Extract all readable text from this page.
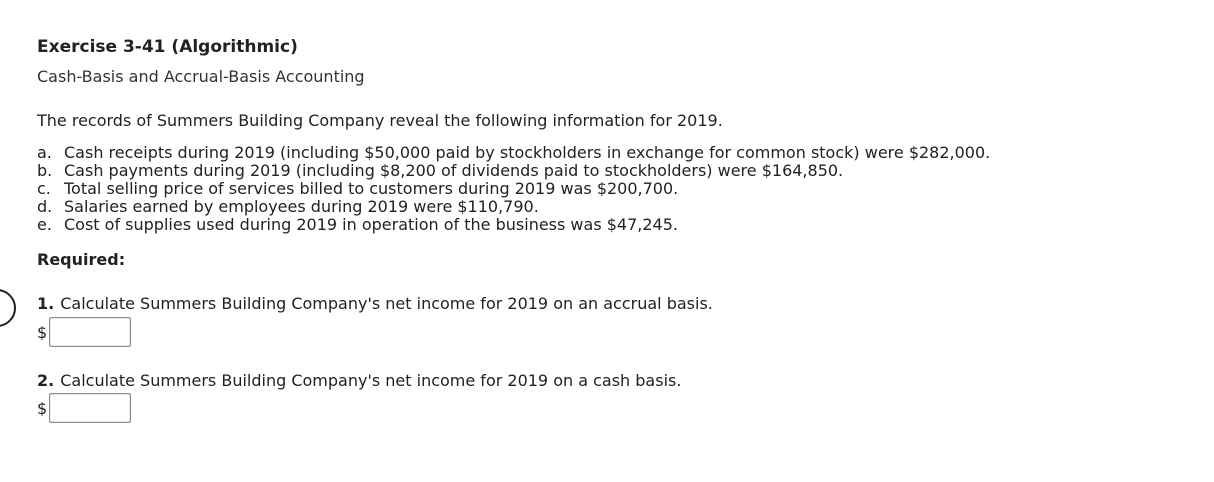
Exercise 3-41 (Algorithmic)
Cash-Basis and Accrual-Basis Accounting
The records of Summers Building Company reveal the following information for 2019.
a. Cash receipts during 2019 (including $50,000 paid by stockholders in exchange for common stock) were $282,000.
b. Cash payments during 2019 (including $8,200 of dividends paid to stockholders) were $164,850.
c. Total selling price of services billed to customers during 2019 was $200,700.
d. Salaries earned by employees during 2019 were $110,790.
e. Cost of supplies used during 2019 in operation of the business was $47,245.
Required:
1. Calculate Summers Building Company's net income for 2019 on an accrual basis.
$
2. Calculate Summers Building Company's net income for 2019 on a cash basis.
$
